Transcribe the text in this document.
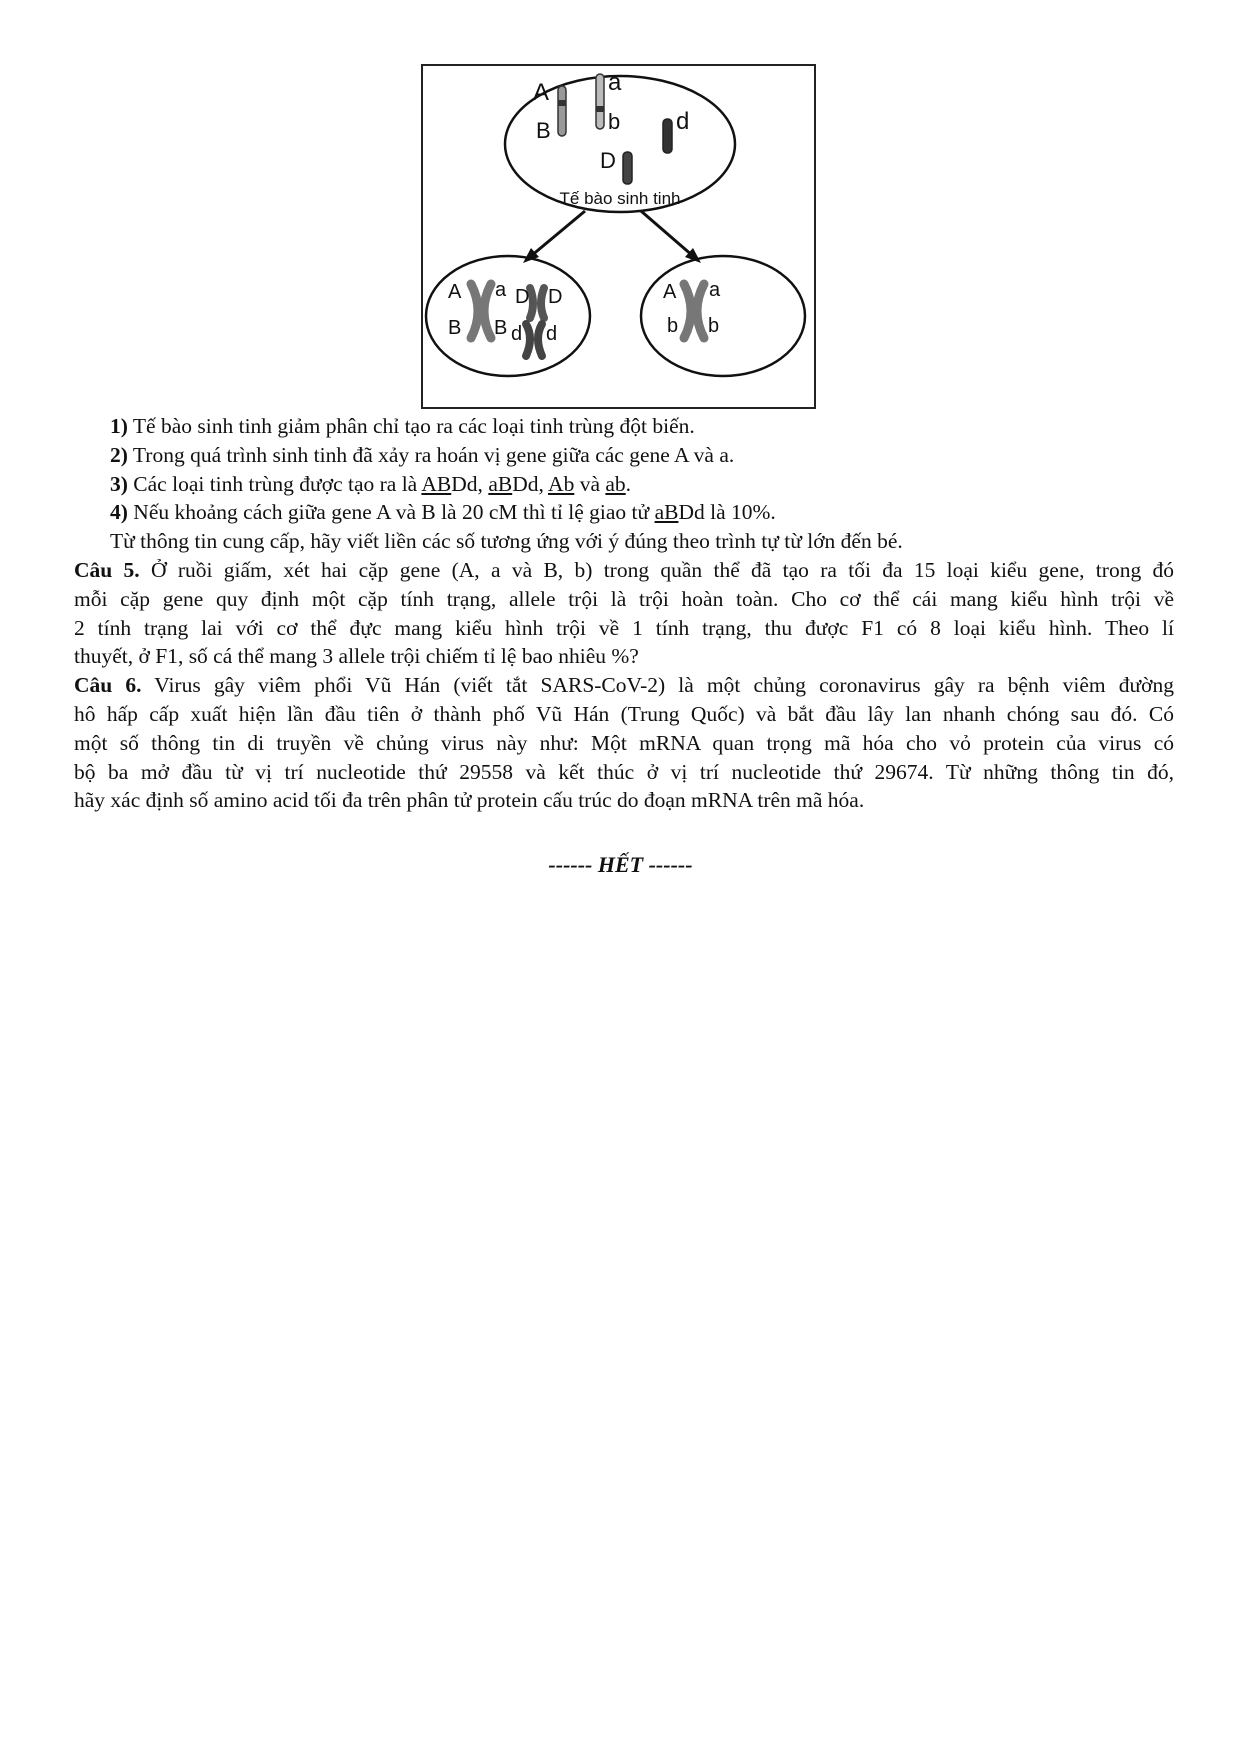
A
B
a
b d
D
Tế bào sinh tinh
A a
B B
D D
d d
A a
b b
1) Tế bào sinh tinh giảm phân chỉ tạo ra các loại tinh trùng đột biến.
2) Trong quá trình sinh tinh đã xảy ra hoán vị gene giữa các gene A và a.
3) Các loại tinh trùng được tạo ra là ABDd, aBDd, Ab và ab.
4) Nếu khoảng cách giữa gene A và B là 20 cM thì tỉ lệ giao tử aBDd là 10%.
Từ thông tin cung cấp, hãy viết liền các số tương ứng với ý đúng theo trình tự từ lớn đến bé.
Câu 5. Ở ruồi giấm, xét hai cặp gene (A, a và B, b) trong quần thể đã tạo ra tối đa 15 loại kiểu gene, trong đó
mỗi cặp gene quy định một cặp tính trạng, allele trội là trội hoàn toàn. Cho cơ thể cái mang kiểu hình trội về
2 tính trạng lai với cơ thể đực mang kiểu hình trội về 1 tính trạng, thu được F1 có 8 loại kiểu hình. Theo lí
thuyết, ở F1, số cá thể mang 3 allele trội chiếm tỉ lệ bao nhiêu %?
Câu 6. Virus gây viêm phổi Vũ Hán (viết tắt SARS-CoV-2) là một chủng coronavirus gây ra bệnh viêm đường
hô hấp cấp xuất hiện lần đầu tiên ở thành phố Vũ Hán (Trung Quốc) và bắt đầu lây lan nhanh chóng sau đó. Có
một số thông tin di truyền về chủng virus này như: Một mRNA quan trọng mã hóa cho vỏ protein của virus có
bộ ba mở đầu từ vị trí nucleotide thứ 29558 và kết thúc ở vị trí nucleotide thứ 29674. Từ những thông tin đó,
hãy xác định số amino acid tối đa trên phân tử protein cấu trúc do đoạn mRNA trên mã hóa.
------ HẾT ------
